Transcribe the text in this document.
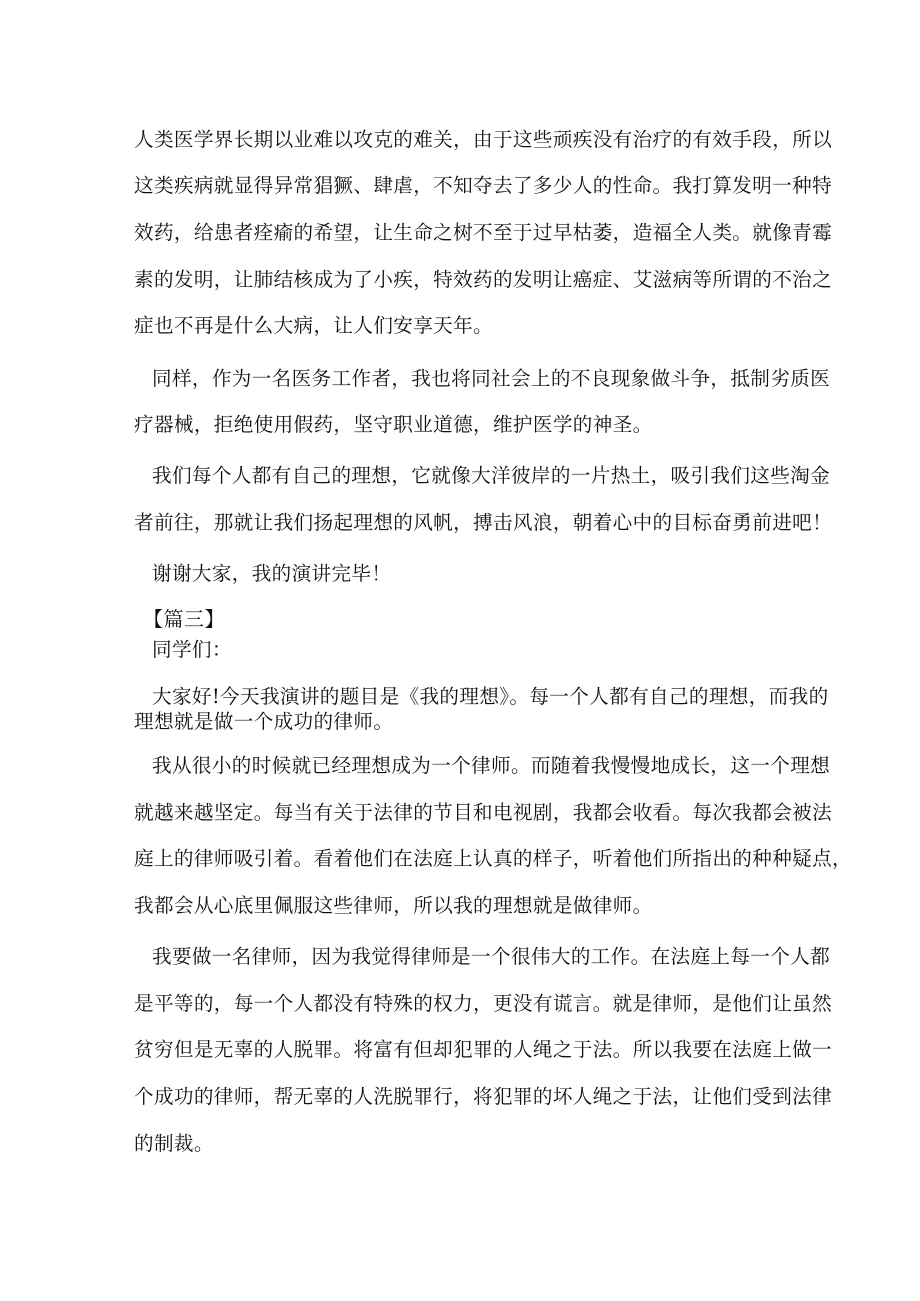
人类医学界长期以业难以攻克的难关，由于这些顽疾没有治疗的有效手段，所以

这类疾病就显得异常猖獗、肆虐，不知夺去了多少人的性命。我打算发明一种特

效药，给患者痊瘉的希望，让生命之树不至于过早枯萎，造福全人类。就像青霉

素的发明，让肺结核成为了小疾，特效药的发明让癌症、艾滋病等所谓的不治之

症也不再是什么大病，让人们安享天年。

同样，作为一名医务工作者，我也将同社会上的不良现象做斗争，抵制劣质医

疗器械，拒绝使用假药，坚守职业道德，维护医学的神圣。

我们每个人都有自己的理想，它就像大洋彼岸的一片热土，吸引我们这些淘金

者前往，那就让我们扬起理想的风帆，搏击风浪，朝着心中的目标奋勇前进吧！

谢谢大家，我的演讲完毕！

【篇三】

同学们：

大家好!今天我演讲的题目是《我的理想》。每一个人都有自己的理想，而我的

理想就是做一个成功的律师。

我从很小的时候就已经理想成为一个律师。而随着我慢慢地成长，这一个理想

就越来越坚定。每当有关于法律的节目和电视剧，我都会收看。每次我都会被法

庭上的律师吸引着。看着他们在法庭上认真的样子，听着他们所指出的种种疑点，

我都会从心底里佩服这些律师，所以我的理想就是做律师。

我要做一名律师，因为我觉得律师是一个很伟大的工作。在法庭上每一个人都

是平等的，每一个人都没有特殊的权力，更没有谎言。就是律师，是他们让虽然

贫穷但是无辜的人脱罪。将富有但却犯罪的人绳之于法。所以我要在法庭上做一

个成功的律师，帮无辜的人洗脱罪行，将犯罪的坏人绳之于法，让他们受到法律

的制裁。
